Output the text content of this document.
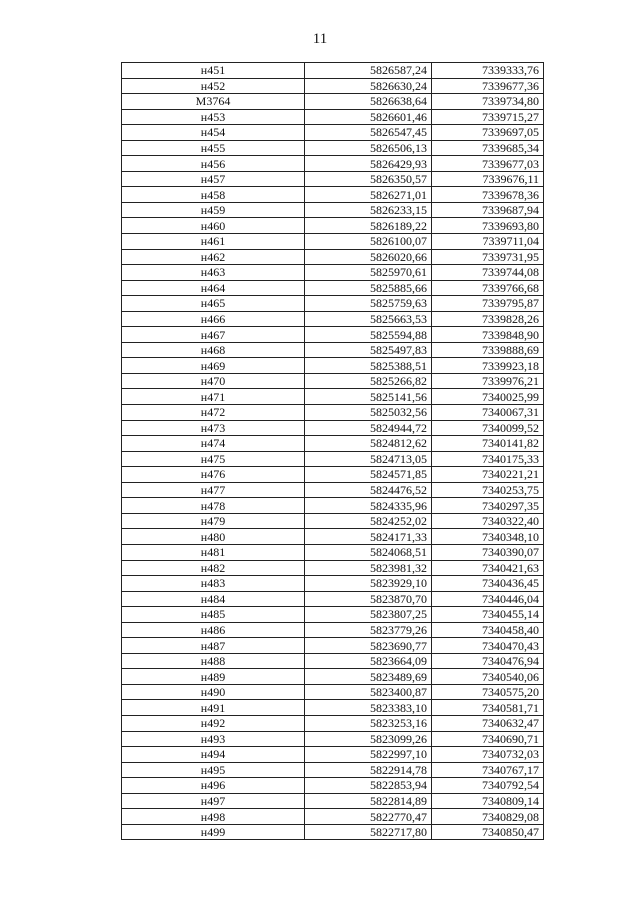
11
н451	5826587,24	7339333,76
н452	5826630,24	7339677,36
М3764	5826638,64	7339734,80
н453	5826601,46	7339715,27
н454	5826547,45	7339697,05
н455	5826506,13	7339685,34
н456	5826429,93	7339677,03
н457	5826350,57	7339676,11
н458	5826271,01	7339678,36
н459	5826233,15	7339687,94
н460	5826189,22	7339693,80
н461	5826100,07	7339711,04
н462	5826020,66	7339731,95
н463	5825970,61	7339744,08
н464	5825885,66	7339766,68
н465	5825759,63	7339795,87
н466	5825663,53	7339828,26
н467	5825594,88	7339848,90
н468	5825497,83	7339888,69
н469	5825388,51	7339923,18
н470	5825266,82	7339976,21
н471	5825141,56	7340025,99
н472	5825032,56	7340067,31
н473	5824944,72	7340099,52
н474	5824812,62	7340141,82
н475	5824713,05	7340175,33
н476	5824571,85	7340221,21
н477	5824476,52	7340253,75
н478	5824335,96	7340297,35
н479	5824252,02	7340322,40
н480	5824171,33	7340348,10
н481	5824068,51	7340390,07
н482	5823981,32	7340421,63
н483	5823929,10	7340436,45
н484	5823870,70	7340446,04
н485	5823807,25	7340455,14
н486	5823779,26	7340458,40
н487	5823690,77	7340470,43
н488	5823664,09	7340476,94
н489	5823489,69	7340540,06
н490	5823400,87	7340575,20
н491	5823383,10	7340581,71
н492	5823253,16	7340632,47
н493	5823099,26	7340690,71
н494	5822997,10	7340732,03
н495	5822914,78	7340767,17
н496	5822853,94	7340792,54
н497	5822814,89	7340809,14
н498	5822770,47	7340829,08
н499	5822717,80	7340850,47
